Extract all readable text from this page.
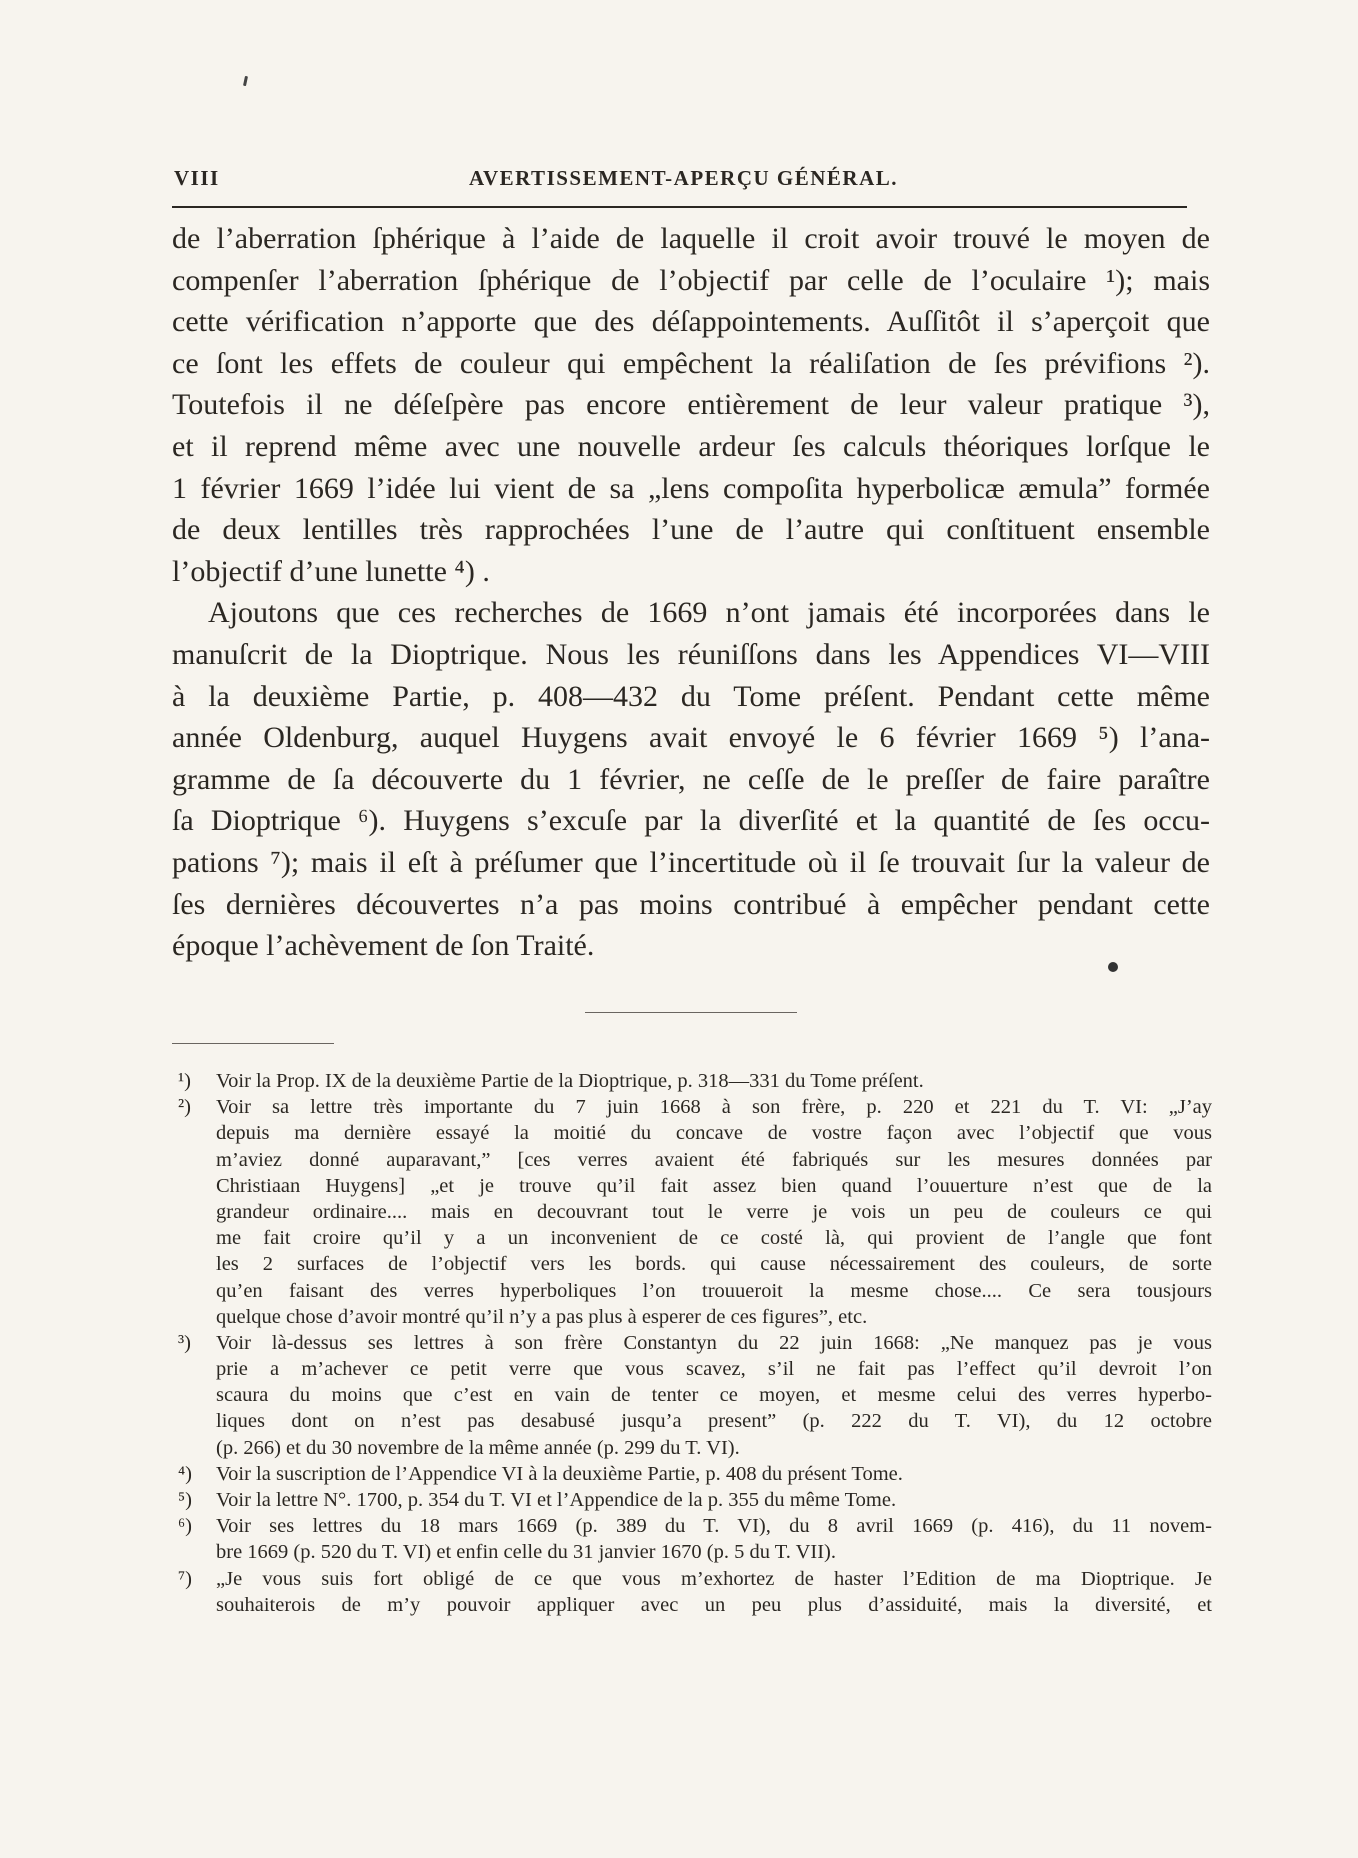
VIII	AVERTISSEMENT-APERÇU GÉNÉRAL.
de l’aberration ſphérique à l’aide de laquelle il croit avoir trouvé le moyen de
compenſer l’aberration ſphérique de l’objectif par celle de l’oculaire ¹); mais
cette vérification n’apporte que des déſappointements. Auſſitôt il s’aperçoit que
ce ſont les effets de couleur qui empêchent la réaliſation de ſes prévifions ²).
Toutefois il ne déſeſpère pas encore entièrement de leur valeur pratique ³),
et il reprend même avec une nouvelle ardeur ſes calculs théoriques lorſque le
1 février 1669 l’idée lui vient de sa „lens compoſita hyperbolicæ æmula” formée
de deux lentilles très rapprochées l’une de l’autre qui conſtituent ensemble
l’objectif d’une lunette ⁴) .
Ajoutons que ces recherches de 1669 n’ont jamais été incorporées dans le
manuſcrit de la Dioptrique. Nous les réuniſſons dans les Appendices VI—VIII
à la deuxième Partie, p. 408—432 du Tome préſent. Pendant cette même
année Oldenburg, auquel Huygens avait envoyé le 6 février 1669 ⁵) l’ana-
gramme de ſa découverte du 1 février, ne ceſſe de le preſſer de faire paraître
ſa Dioptrique ⁶). Huygens s’excuſe par la diverſité et la quantité de ſes occu-
pations ⁷); mais il eſt à préſumer que l’incertitude où il ſe trouvait ſur la valeur de
ſes dernières découvertes n’a pas moins contribué à empêcher pendant cette
époque l’achèvement de ſon Traité.
¹) Voir la Prop. IX de la deuxième Partie de la Dioptrique, p. 318—331 du Tome préſent.
²) Voir sa lettre très importante du 7 juin 1668 à son frère, p. 220 et 221 du T. VI: „J’ay
depuis ma dernière essayé la moitié du concave de vostre façon avec l’objectif que vous
m’aviez donné auparavant,” [ces verres avaient été fabriqués sur les mesures données par
Christiaan Huygens] „et je trouve qu’il fait assez bien quand l’ouuerture n’est que de la
grandeur ordinaire.... mais en decouvrant tout le verre je vois un peu de couleurs ce qui
me fait croire qu’il y a un inconvenient de ce costé là, qui provient de l’angle que font
les 2 surfaces de l’objectif vers les bords. qui cause nécessairement des couleurs, de sorte
qu’en faisant des verres hyperboliques l’on trouueroit la mesme chose.... Ce sera tousjours
quelque chose d’avoir montré qu’il n’y a pas plus à esperer de ces figures”, etc.
³) Voir là-dessus ses lettres à son frère Constantyn du 22 juin 1668: „Ne manquez pas je vous
prie a m’achever ce petit verre que vous scavez, s’il ne fait pas l’effect qu’il devroit l’on
scaura du moins que c’est en vain de tenter ce moyen, et mesme celui des verres hyperbo-
liques dont on n’est pas desabusé jusqu’a present” (p. 222 du T. VI), du 12 octobre
(p. 266) et du 30 novembre de la même année (p. 299 du T. VI).
⁴) Voir la suscription de l’Appendice VI à la deuxième Partie, p. 408 du présent Tome.
⁵) Voir la lettre N°. 1700, p. 354 du T. VI et l’Appendice de la p. 355 du même Tome.
⁶) Voir ses lettres du 18 mars 1669 (p. 389 du T. VI), du 8 avril 1669 (p. 416), du 11 novem-
bre 1669 (p. 520 du T. VI) et enfin celle du 31 janvier 1670 (p. 5 du T. VII).
⁷) „Je vous suis fort obligé de ce que vous m’exhortez de haster l’Edition de ma Dioptrique. Je
souhaiterois de m’y pouvoir appliquer avec un peu plus d’assiduité, mais la diversité, et
